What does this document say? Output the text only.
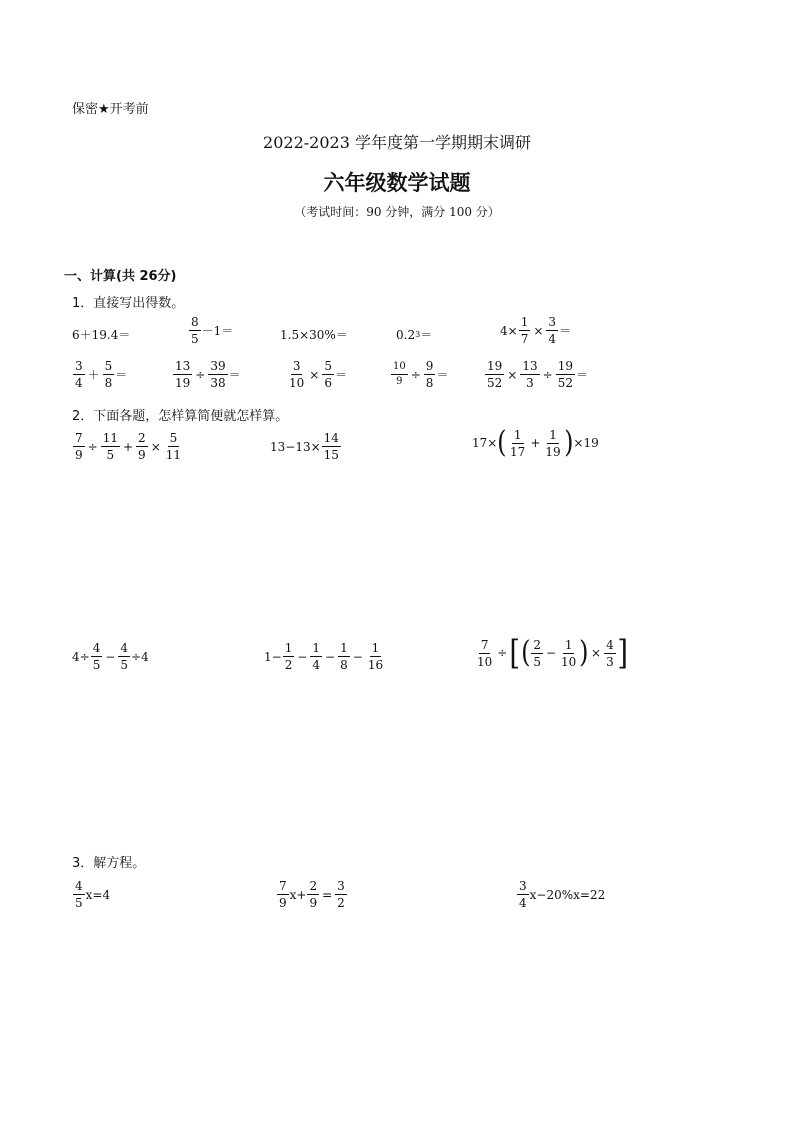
保密★开考前
2022-2023 学年度第一学期期末调研
六年级数学试题
（考试时间：90 分钟，满分 100 分）
一、计算(共 26分)
1．直接写出得数。
6＋19.4＝	$\frac{8}{5} -1=$	1.5×30%＝	0.2 3 ＝	$4\times \frac{1}{7} \times \frac{3}{4}$ ＝
$\frac{3}{4} + \frac{5}{8}$ ＝	$\frac{13}{19} \div \frac{39}{38}$ ＝	$\frac{3}{10} \times \frac{5}{6}$ ＝	$\frac{10}{9} \div \frac{9}{8}$ ＝	$\frac{19}{52} \times \frac{13}{3} \div \frac{19}{52}$ ＝
2．下面各题，怎样算简便就怎样算。
$\frac{7}{9} \div \frac{11}{5} + \frac{2}{9} \times \frac{5}{11}$	$13-13\times \frac{14}{15}$	17× ( $\frac{1}{17} + \frac{1}{19}$ ) ×19
$4\div \frac{4}{5} - \frac{4}{5} \div 4$	$1- \frac{1}{2} - \frac{1}{4} - \frac{1}{8} - \frac{1}{16}$	$\frac{7}{10}$ ÷ [ ( $\frac{2}{5} - \frac{1}{10}$ ) × $\frac{4}{3}$ ]
3．解方程。
$\frac{4}{5} x=4$	$\frac{7}{9} x+ \frac{2}{9} = \frac{3}{2}$	$\frac{3}{4} x-20\%x=22$
